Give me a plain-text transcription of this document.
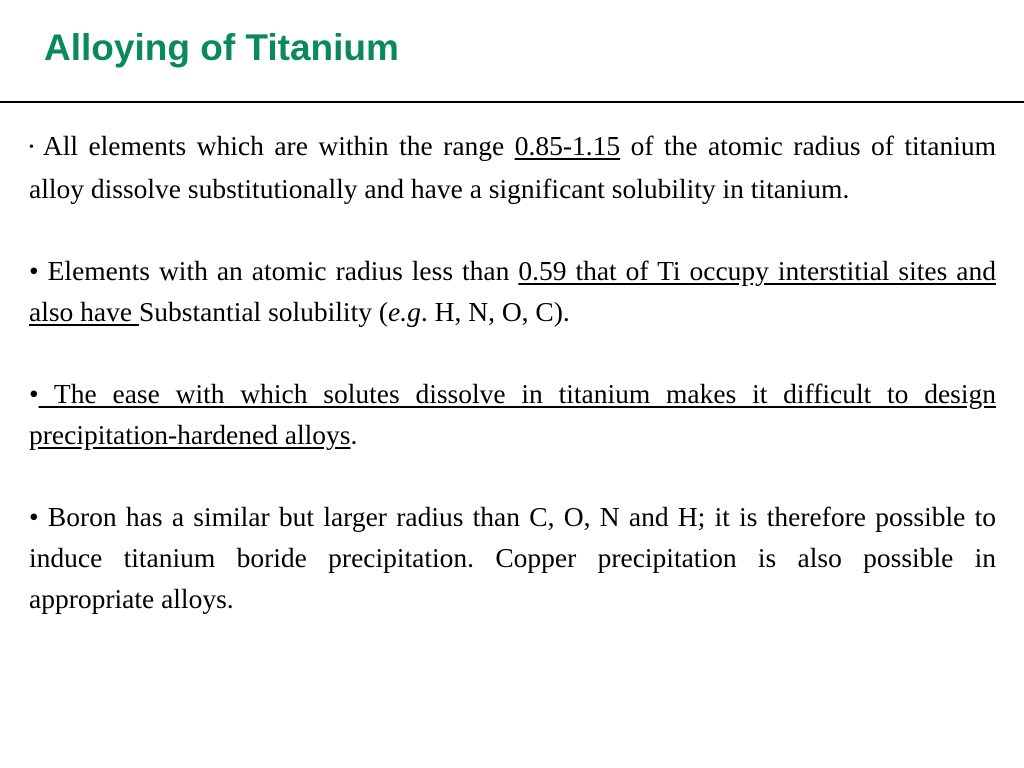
Alloying of Titanium

• All elements which are within the range 0.85-1.15 of the atomic radius of titanium alloy dissolve substitutionally and have a significant solubility in titanium.

• Elements with an atomic radius less than 0.59 that of Ti occupy interstitial sites and also have Substantial solubility (e.g. H, N, O, C).

• The ease with which solutes dissolve in titanium makes it difficult to design precipitation-hardened alloys.

• Boron has a similar but larger radius than C, O, N and H; it is therefore possible to induce titanium boride precipitation. Copper precipitation is also possible in appropriate alloys.
